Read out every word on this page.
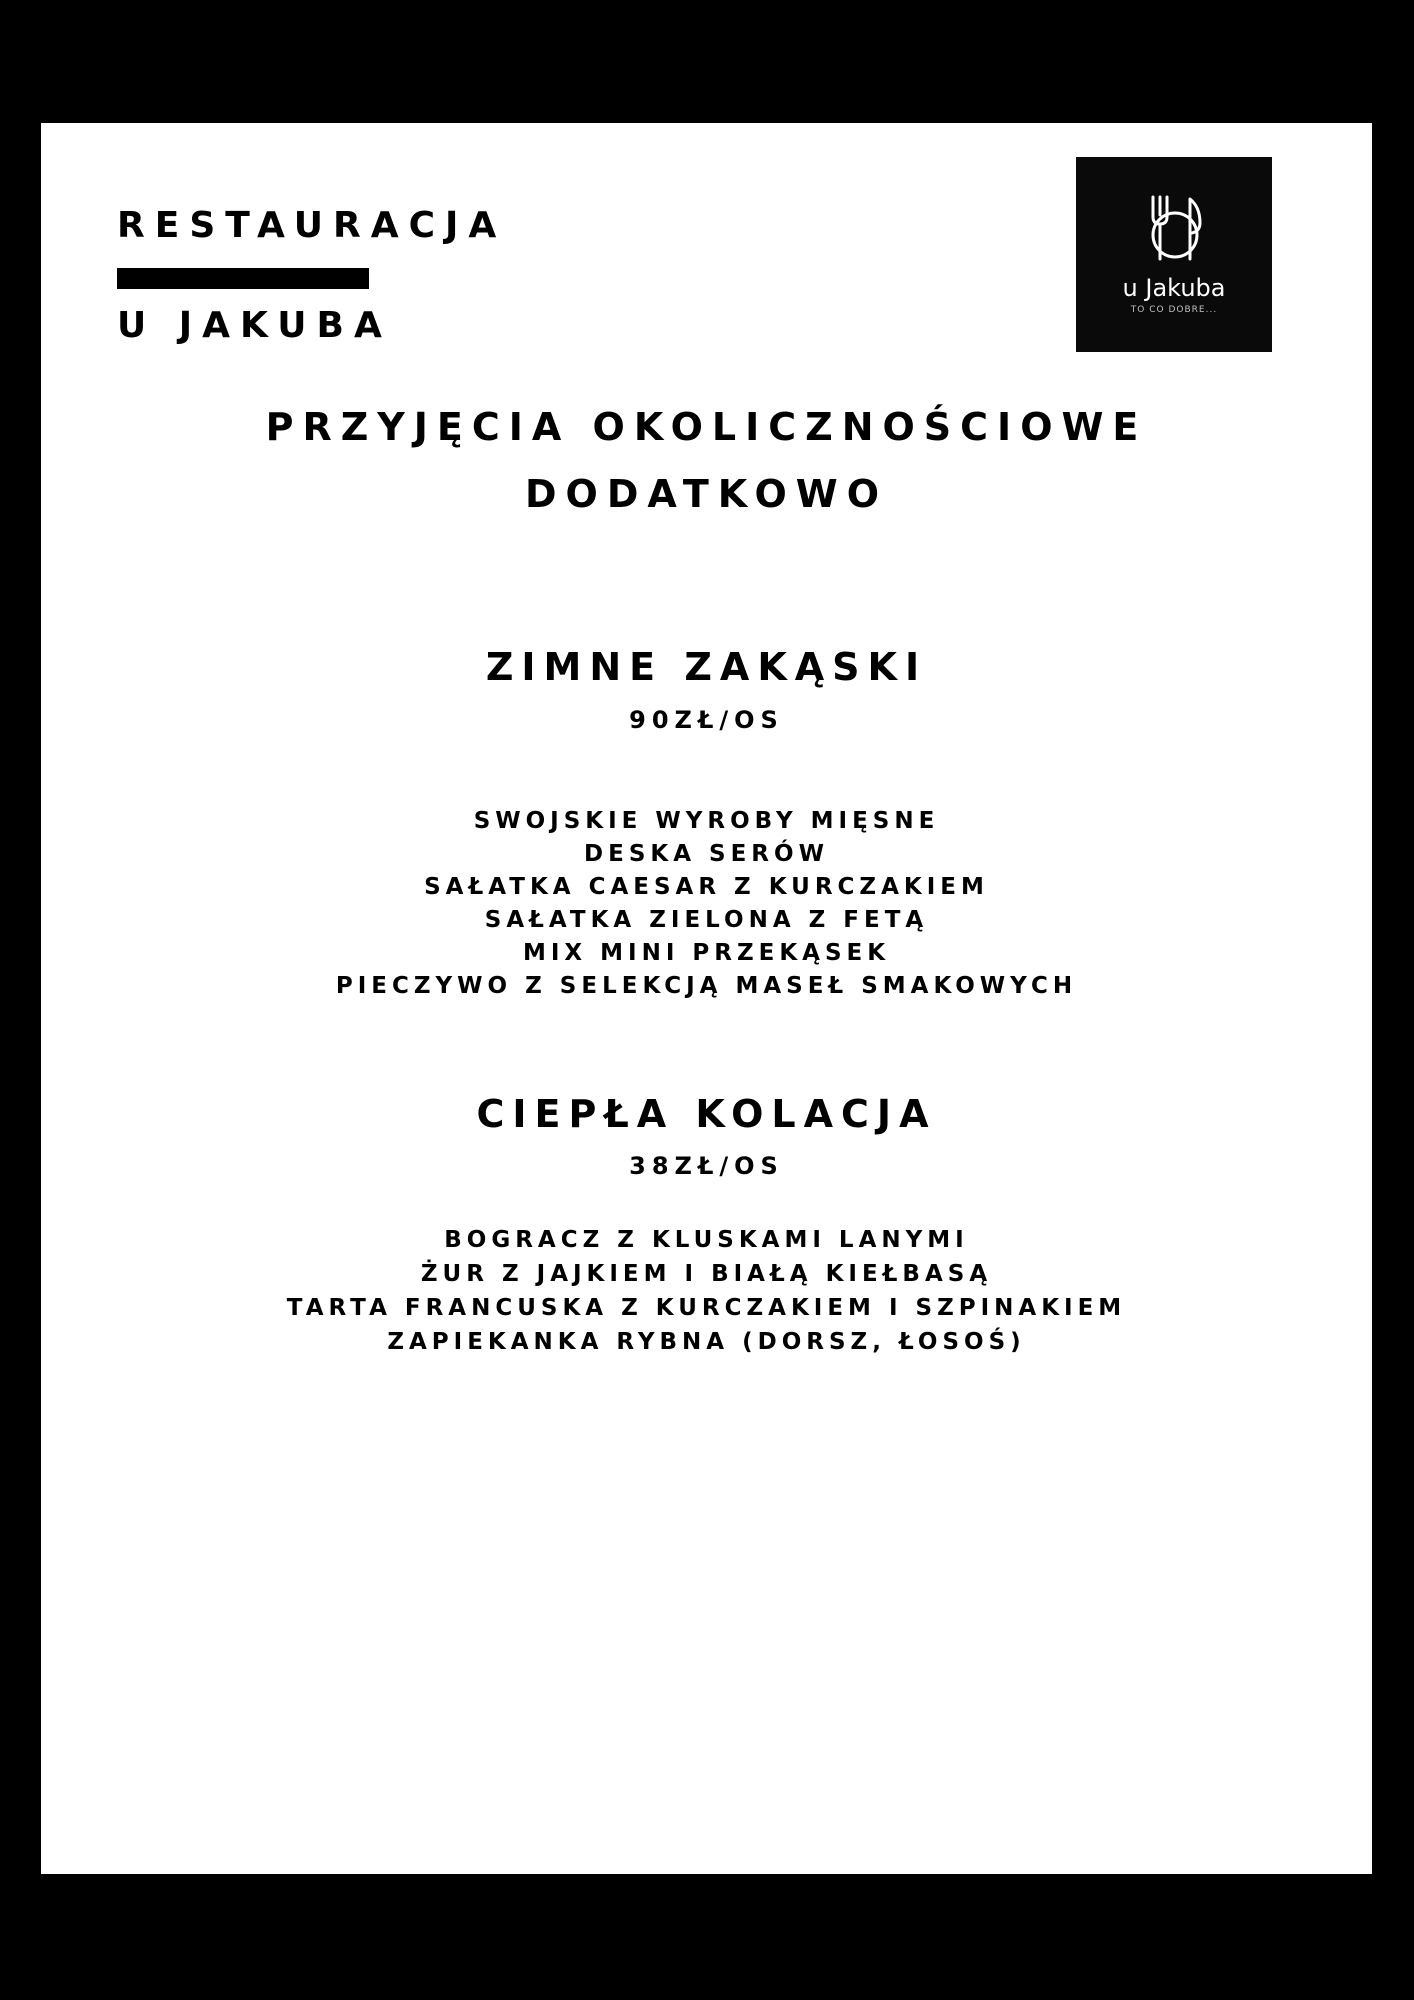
RESTAURACJA
U JAKUBA
u Jakuba
TO CO DOBRE...
PRZYJĘCIA OKOLICZNOŚCIOWE
DODATKOWO
ZIMNE ZAKĄSKI
90ZŁ/OS
SWOJSKIE WYROBY MIĘSNE
DESKA SERÓW
SAŁATKA CAESAR Z KURCZAKIEM
SAŁATKA ZIELONA Z FETĄ
MIX MINI PRZEKĄSEK
PIECZYWO Z SELEKCJĄ MASEŁ SMAKOWYCH
CIEPŁA KOLACJA
38ZŁ/OS
BOGRACZ Z KLUSKAMI LANYMI
ŻUR Z JAJKIEM I BIAŁĄ KIEŁBASĄ
TARTA FRANCUSKA Z KURCZAKIEM I SZPINAKIEM
ZAPIEKANKA RYBNA (DORSZ, ŁOSOŚ)
